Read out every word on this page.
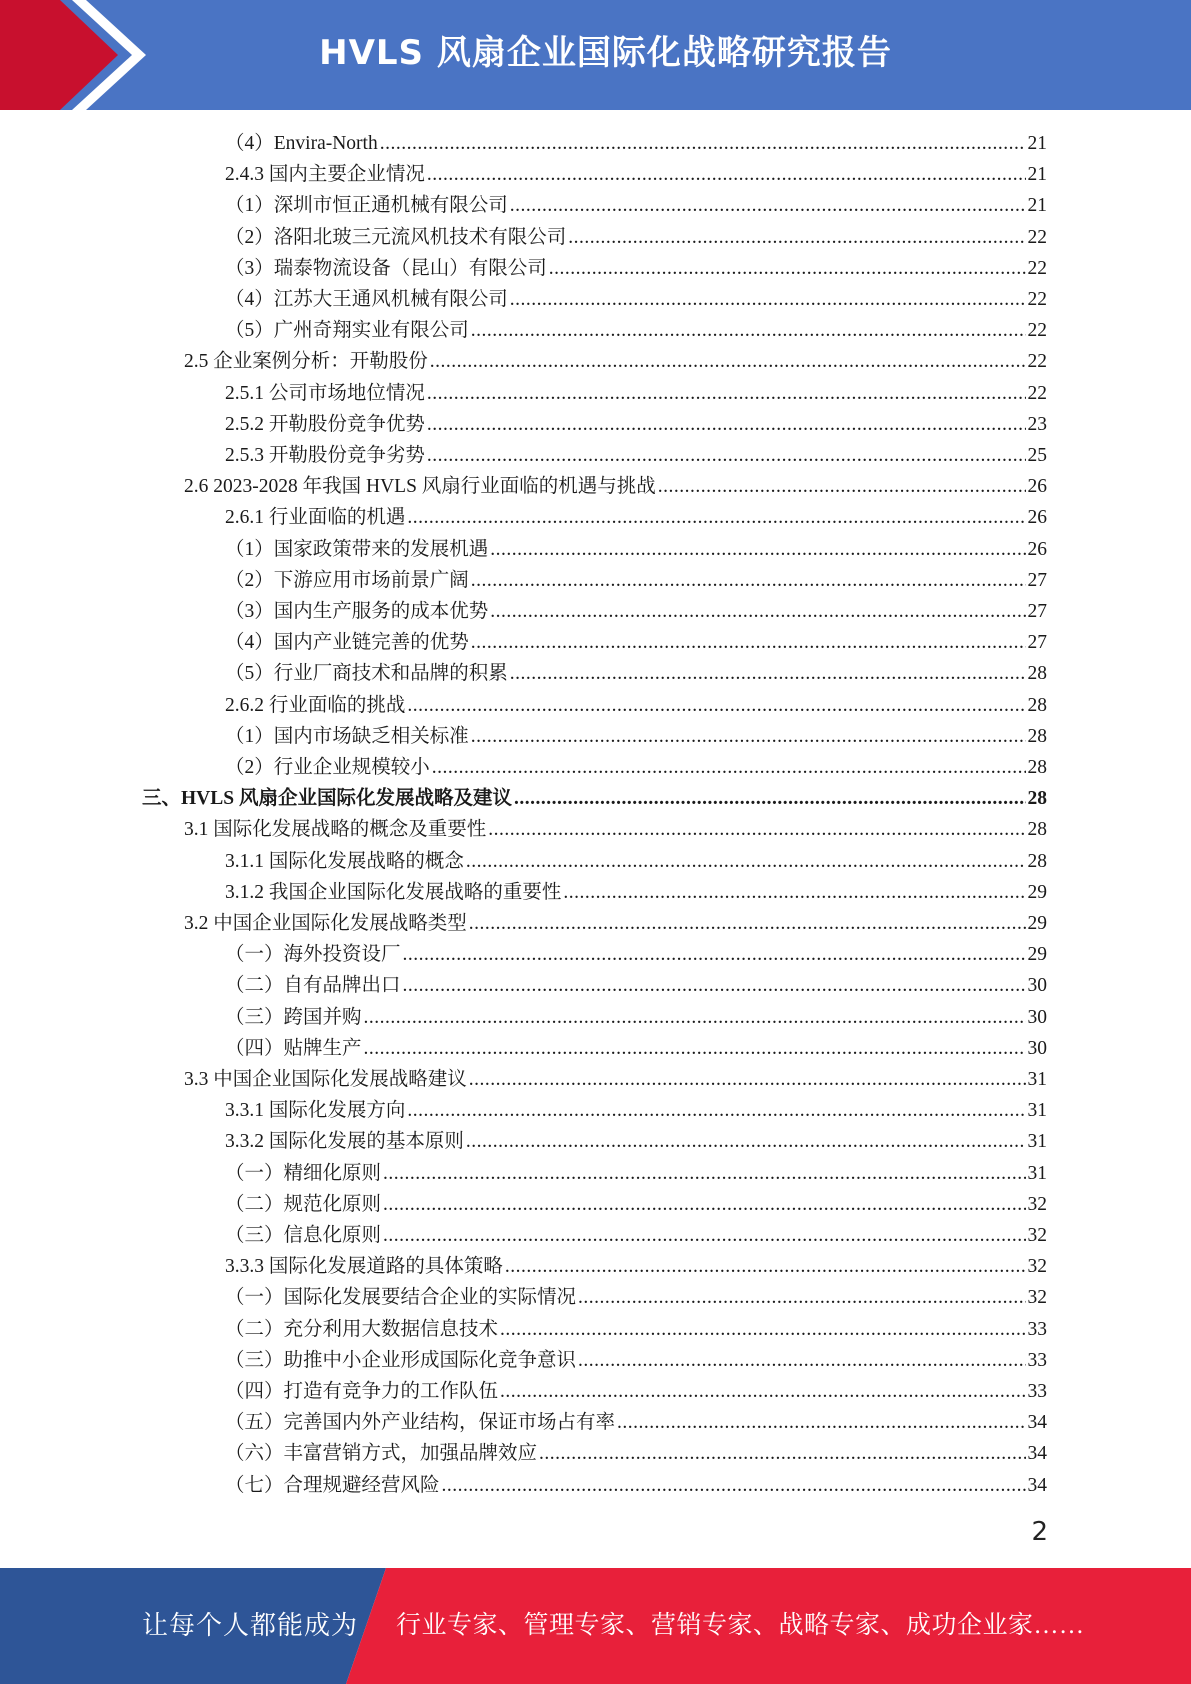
HVLS 风扇企业国际化战略研究报告
（4）Envira-North .....	21
2.4.3 国内主要企业情况 .....	21
（1）深圳市恒正通机械有限公司 .....	21
（2）洛阳北玻三元流风机技术有限公司 .....	22
（3）瑞泰物流设备（昆山）有限公司 .....	22
（4）江苏大王通风机械有限公司 .....	22
（5）广州奇翔实业有限公司 .....	22
2.5 企业案例分析：开勒股份 .....	22
2.5.1 公司市场地位情况 .....	22
2.5.2 开勒股份竞争优势 .....	23
2.5.3 开勒股份竞争劣势 .....	25
2.6 2023-2028 年我国 HVLS 风扇行业面临的机遇与挑战 .....	26
2.6.1 行业面临的机遇 .....	26
（1）国家政策带来的发展机遇 .....	26
（2）下游应用市场前景广阔 .....	27
（3）国内生产服务的成本优势 .....	27
（4）国内产业链完善的优势 .....	27
（5）行业厂商技术和品牌的积累 .....	28
2.6.2 行业面临的挑战 .....	28
（1）国内市场缺乏相关标准 .....	28
（2）行业企业规模较小 .....	28
三、HVLS 风扇企业国际化发展战略及建议 .....	28
3.1 国际化发展战略的概念及重要性 .....	28
3.1.1 国际化发展战略的概念 .....	28
3.1.2 我国企业国际化发展战略的重要性 .....	29
3.2 中国企业国际化发展战略类型 .....	29
（一）海外投资设厂 .....	29
（二）自有品牌出口 .....	30
（三）跨国并购 .....	30
（四）贴牌生产 .....	30
3.3 中国企业国际化发展战略建议 .....	31
3.3.1 国际化发展方向 .....	31
3.3.2 国际化发展的基本原则 .....	31
（一）精细化原则 .....	31
（二）规范化原则 .....	32
（三）信息化原则 .....	32
3.3.3 国际化发展道路的具体策略 .....	32
（一）国际化发展要结合企业的实际情况 .....	32
（二）充分利用大数据信息技术 .....	33
（三）助推中小企业形成国际化竞争意识 .....	33
（四）打造有竞争力的工作队伍 .....	33
（五）完善国内外产业结构，保证市场占有率 .....	34
（六）丰富营销方式，加强品牌效应 .....	34
（七）合理规避经营风险 .....	34
2
让每个人都能成为 行业专家、管理专家、营销专家、战略专家、成功企业家……
